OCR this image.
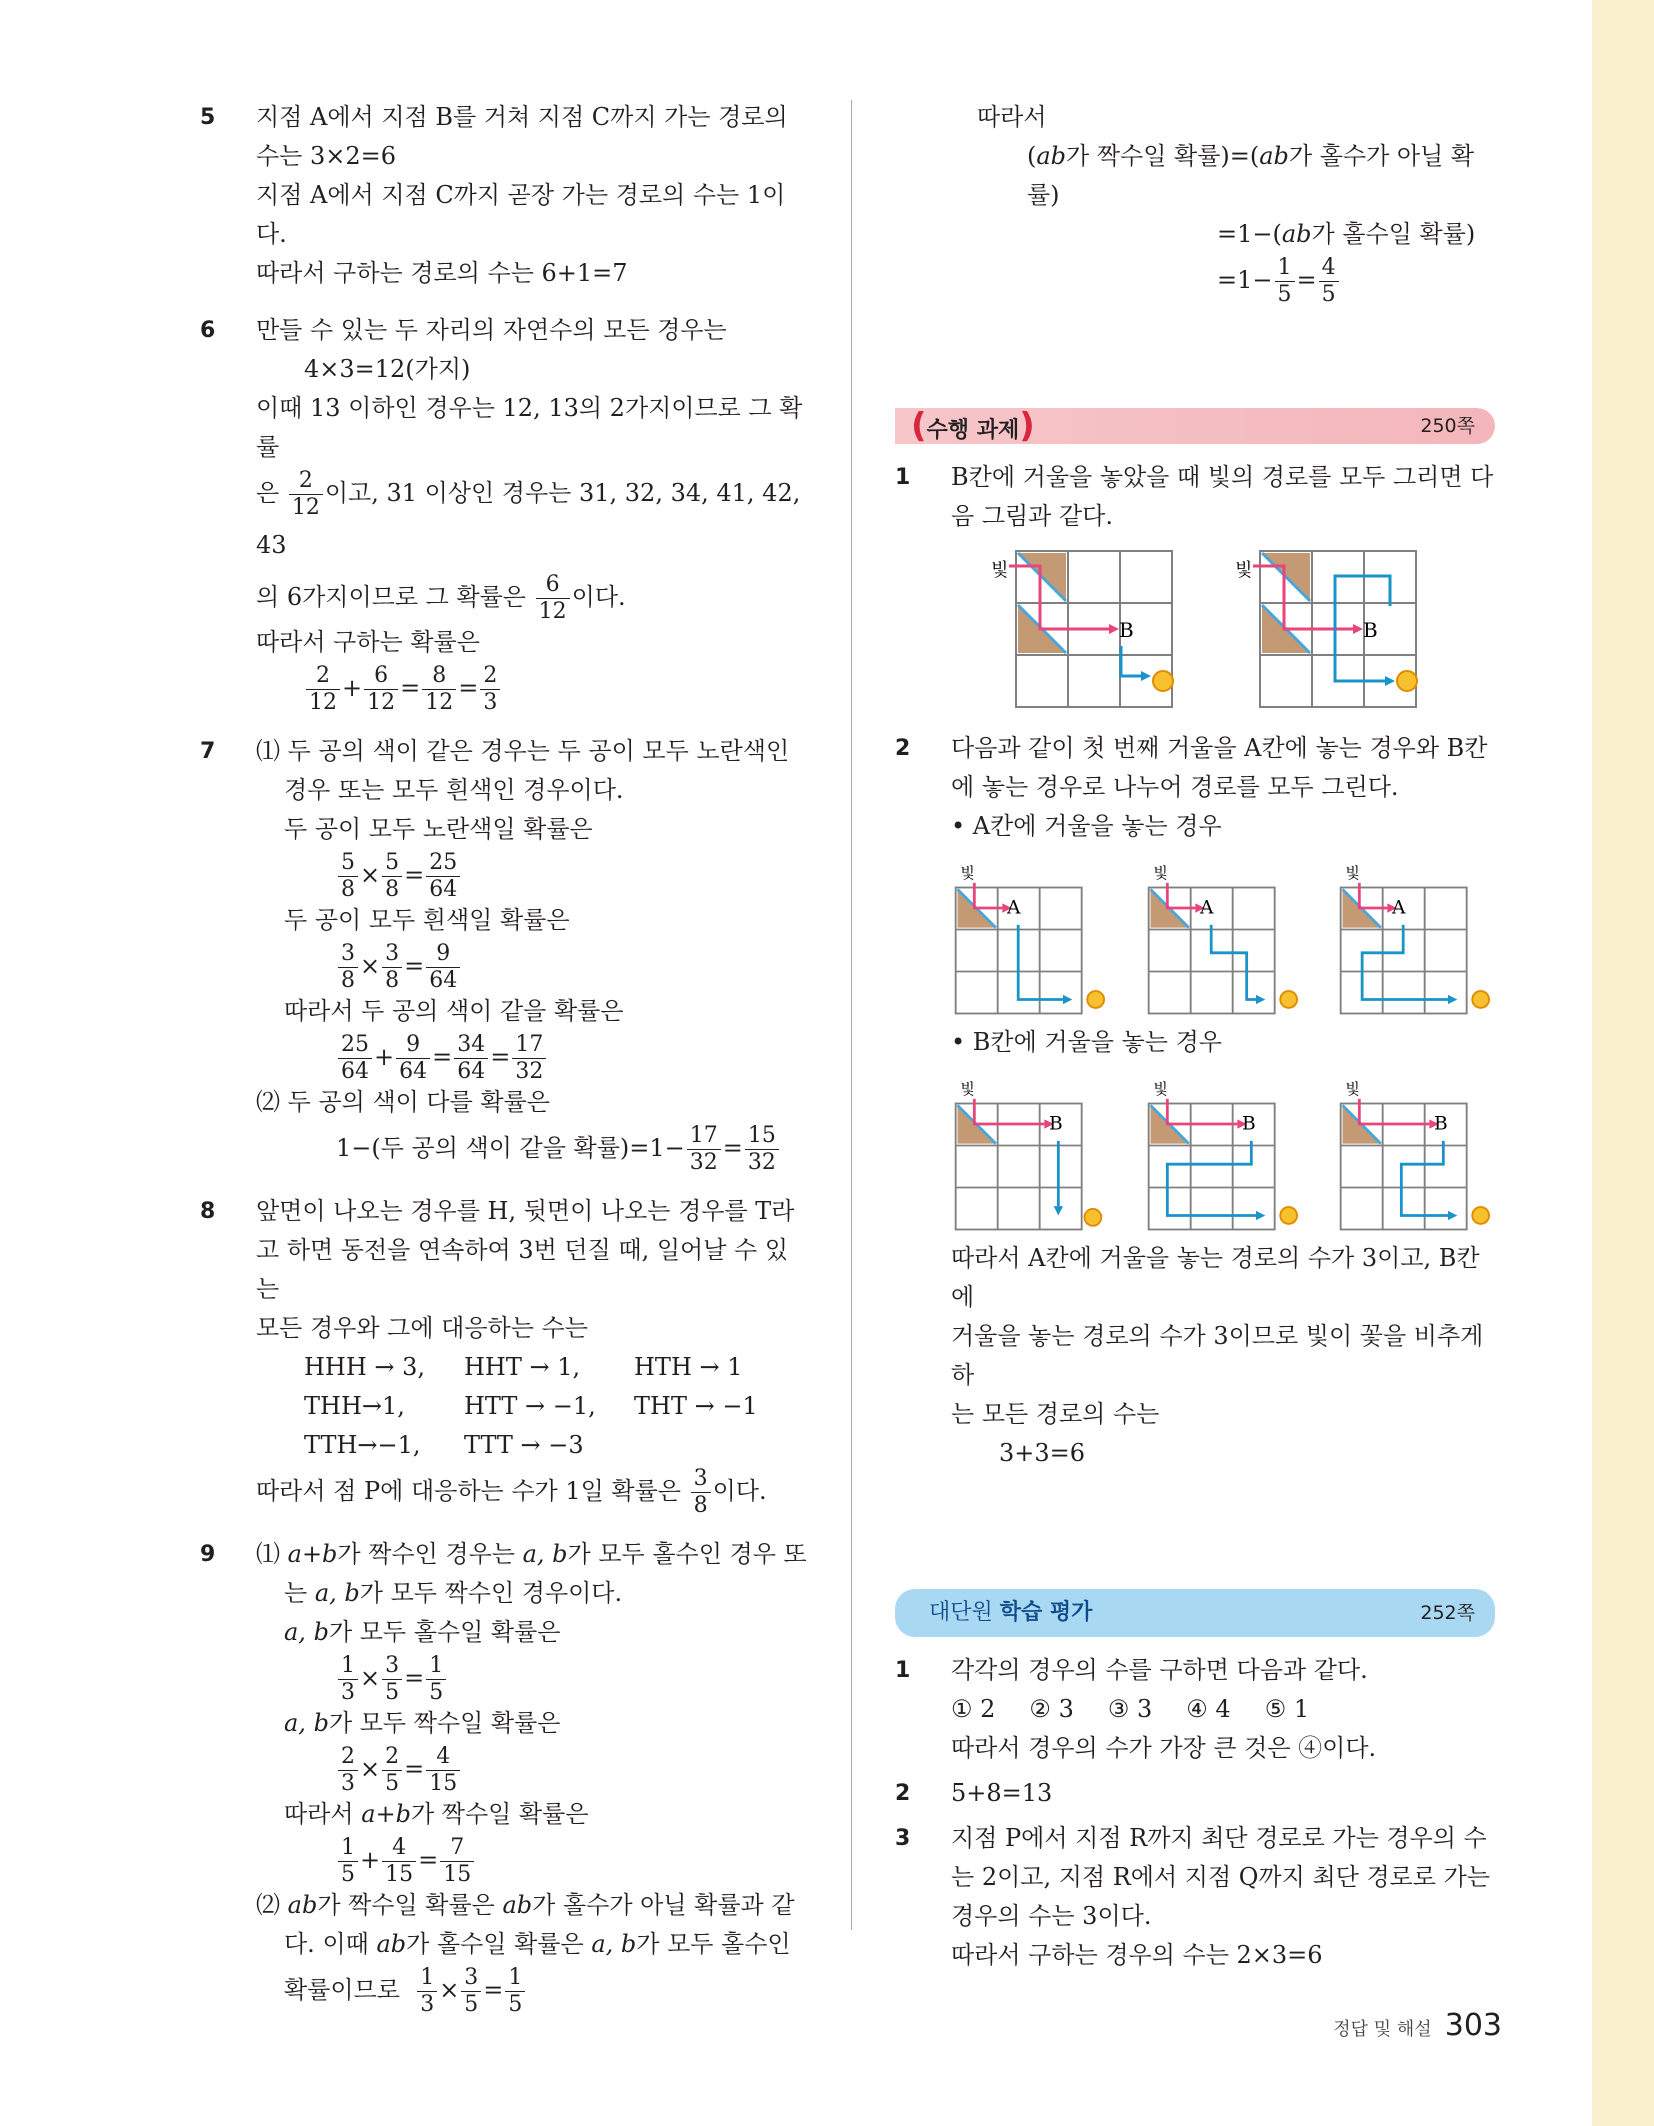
5 지점 A에서 지점 B를 거쳐 지점 C까지 가는 경로의
수는 3×2=6
지점 A에서 지점 C까지 곧장 가는 경로의 수는 1이다.
따라서 구하는 경로의 수는 6+1=7
6 만들 수 있는 두 자리의 자연수의 모든 경우는
4×3=12(가지)
이때 13 이하인 경우는 12, 13의 2가지이므로 그 확률
은 $\frac{2}{12}$ 이고, 31 이상인 경우는 31, 32, 34, 41, 42, 43
의 6가지이므로 그 확률은 $\frac{6}{12}$ 이다.
따라서 구하는 확률은
$\frac{2}{12} + \frac{6}{12} = \frac{8}{12} = \frac{2}{3}$
7 ⑴ 두 공의 색이 같은 경우는 두 공이 모두 노란색인
경우 또는 모두 흰색인 경우이다.
두 공이 모두 노란색일 확률은
$\frac{5}{8} \times \frac{5}{8} = \frac{25}{64}$
두 공이 모두 흰색일 확률은
$\frac{3}{8} \times \frac{3}{8} = \frac{9}{64}$
따라서 두 공의 색이 같을 확률은
$\frac{25}{64} + \frac{9}{64} = \frac{34}{64} = \frac{17}{32}$
⑵ 두 공의 색이 다를 확률은
1−(두 공의 색이 같을 확률)$=1- \frac{17}{32} = \frac{15}{32}$
8 앞면이 나오는 경우를 H, 뒷면이 나오는 경우를 T라
고 하면 동전을 연속하여 3번 던질 때, 일어날 수 있는
모든 경우와 그에 대응하는 수는
HHH → 3,	HHT → 1,	HTH → 1
THH→1,	HTT → −1,	THT → −1
TTH→−1,	TTT → −3
따라서 점 P에 대응하는 수가 1일 확률은 $\frac{3}{8}$ 이다.
9 ⑴ a+b가 짝수인 경우는 a, b가 모두 홀수인 경우 또
는 a, b가 모두 짝수인 경우이다.
a, b가 모두 홀수일 확률은
$\frac{1}{3} \times \frac{3}{5} = \frac{1}{5}$
a, b가 모두 짝수일 확률은
$\frac{2}{3} \times \frac{2}{5} = \frac{4}{15}$
따라서 a+b가 짝수일 확률은
$\frac{1}{5} + \frac{4}{15} = \frac{7}{15}$
⑵ ab가 짝수일 확률은 ab가 홀수가 아닐 확률과 같
다. 이때 ab가 홀수일 확률은 a, b가 모두 홀수인
확률이므로 $\frac{1}{3} \times \frac{3}{5} = \frac{1}{5}$
따라서
(ab가 짝수일 확률)=(ab가 홀수가 아닐 확률)
=1−(ab가 홀수일 확률)
$=1- \frac{1}{5} = \frac{4}{5}$
(수행 과제)	250쪽
1 B칸에 거울을 놓았을 때 빛의 경로를 모두 그리면 다
음 그림과 같다.
빛
B
빛
B
2 다음과 같이 첫 번째 거울을 A칸에 놓는 경우와 B칸
에 놓는 경우로 나누어 경로를 모두 그린다.
• A칸에 거울을 놓는 경우
빛
A
빛
A
빛
A
• B칸에 거울을 놓는 경우
빛
B
빛
B
빛
B
따라서 A칸에 거울을 놓는 경로의 수가 3이고, B칸에
거울을 놓는 경로의 수가 3이므로 빛이 꽃을 비추게 하
는 모든 경로의 수는
3+3=6
대단원 학습 평가	252쪽
1 각각의 경우의 수를 구하면 다음과 같다.
① 2 ② 3 ③ 3 ④ 4 ⑤ 1
따라서 경우의 수가 가장 큰 것은 ④이다.
2 5+8=13
3 지점 P에서 지점 R까지 최단 경로로 가는 경우의 수
는 2이고, 지점 R에서 지점 Q까지 최단 경로로 가는
경우의 수는 3이다.
따라서 구하는 경우의 수는 2×3=6
정답 및 해설 303
